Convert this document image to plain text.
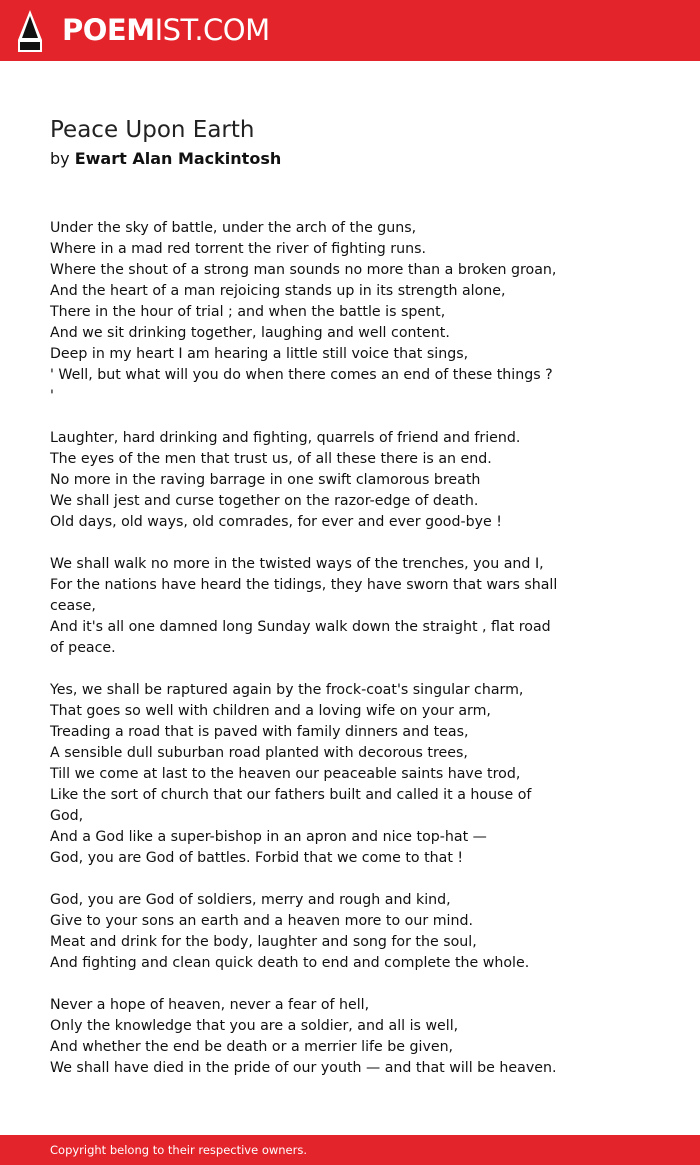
POEMIST.COM
Peace Upon Earth
by Ewart Alan Mackintosh

Under the sky of battle, under the arch of the guns,
Where in a mad red torrent the river of fighting runs.
Where the shout of a strong man sounds no more than a broken groan,
And the heart of a man rejoicing stands up in its strength alone,
There in the hour of trial ; and when the battle is spent,
And we sit drinking together, laughing and well content.
Deep in my heart I am hearing a little still voice that sings,
' Well, but what will you do when there comes an end of these things ? '

Laughter, hard drinking and fighting, quarrels of friend and friend.
The eyes of the men that trust us, of all these there is an end.
No more in the raving barrage in one swift clamorous breath
We shall jest and curse together on the razor-edge of death.
Old days, old ways, old comrades, for ever and ever good-bye !

We shall walk no more in the twisted ways of the trenches, you and I,
For the nations have heard the tidings, they have sworn that wars shall cease,
And it's all one damned long Sunday walk down the straight , flat road of peace.

Yes, we shall be raptured again by the frock-coat's singular charm,
That goes so well with children and a loving wife on your arm,
Treading a road that is paved with family dinners and teas,
A sensible dull suburban road planted with decorous trees,
Till we come at last to the heaven our peaceable saints have trod,
Like the sort of church that our fathers built and called it a house of God,
And a God like a super-bishop in an apron and nice top-hat —
God, you are God of battles. Forbid that we come to that !

God, you are God of soldiers, merry and rough and kind,
Give to your sons an earth and a heaven more to our mind.
Meat and drink for the body, laughter and song for the soul,
And fighting and clean quick death to end and complete the whole.

Never a hope of heaven, never a fear of hell,
Only the knowledge that you are a soldier, and all is well,
And whether the end be death or a merrier life be given,
We shall have died in the pride of our youth — and that will be heaven.

Copyright belong to their respective owners.
